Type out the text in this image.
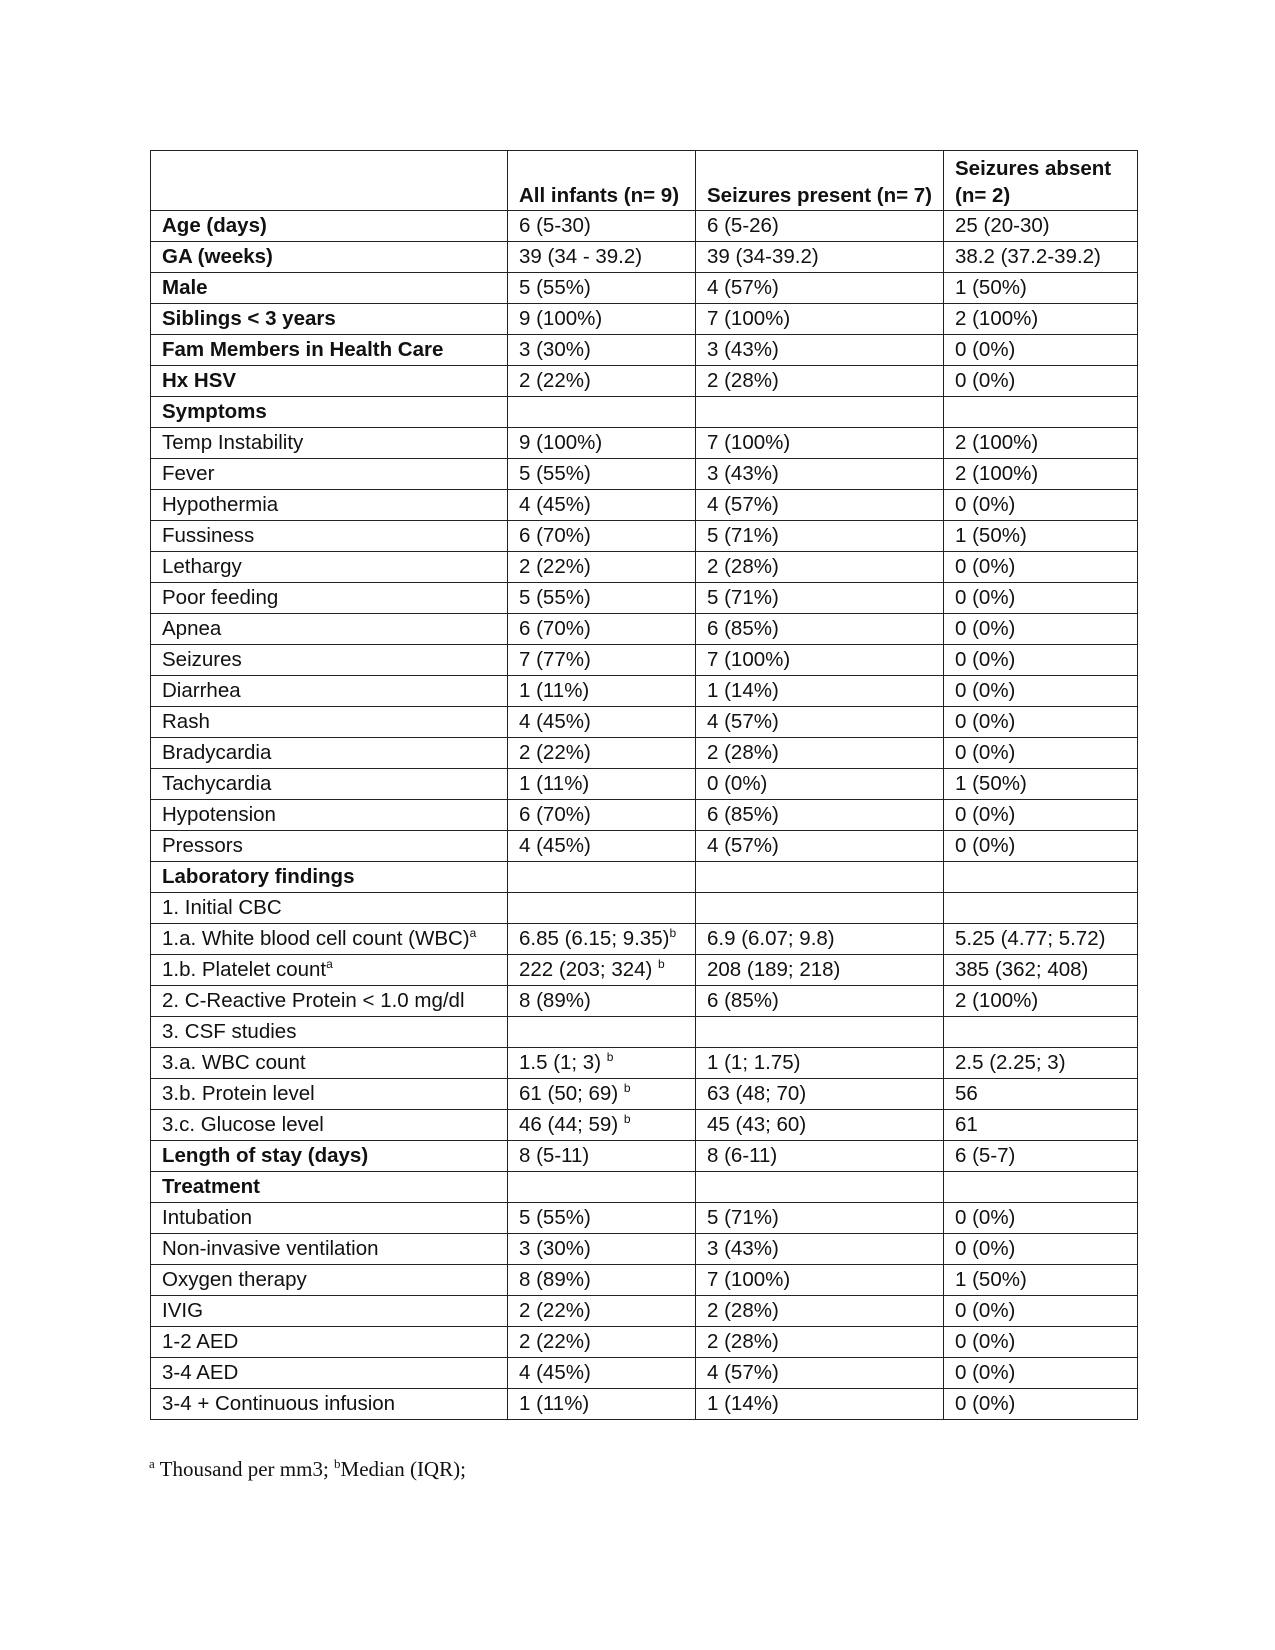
	All infants (n= 9)	Seizures present (n= 7)	Seizures absent (n= 2)
Age (days)	6 (5-30)	6 (5-26)	25 (20-30)
GA (weeks)	39 (34 - 39.2)	39 (34-39.2)	38.2 (37.2-39.2)
Male	5 (55%)	4 (57%)	1 (50%)
Siblings < 3 years	9 (100%)	7 (100%)	2 (100%)
Fam Members in Health Care	3 (30%)	3 (43%)	0 (0%)
Hx HSV	2 (22%)	2 (28%)	0 (0%)
Symptoms			
Temp Instability	9 (100%)	7 (100%)	2 (100%)
Fever	5 (55%)	3 (43%)	2 (100%)
Hypothermia	4 (45%)	4 (57%)	0 (0%)
Fussiness	6 (70%)	5 (71%)	1 (50%)
Lethargy	2 (22%)	2 (28%)	0 (0%)
Poor feeding	5 (55%)	5 (71%)	0 (0%)
Apnea	6 (70%)	6 (85%)	0 (0%)
Seizures	7 (77%)	7 (100%)	0 (0%)
Diarrhea	1 (11%)	1 (14%)	0 (0%)
Rash	4 (45%)	4 (57%)	0 (0%)
Bradycardia	2 (22%)	2 (28%)	0 (0%)
Tachycardia	1 (11%)	0 (0%)	1 (50%)
Hypotension	6 (70%)	6 (85%)	0 (0%)
Pressors	4 (45%)	4 (57%)	0 (0%)
Laboratory findings			
1. Initial CBC			
1.a. White blood cell count (WBC)$^a$	6.85 (6.15; 9.35)$^b$	6.9 (6.07; 9.8)	5.25 (4.77; 5.72)
1.b. Platelet count$^a$	222 (203; 324) $^b$	208 (189; 218)	385 (362; 408)
2. C-Reactive Protein < 1.0 mg/dl	8 (89%)	6 (85%)	2 (100%)
3. CSF studies			
3.a. WBC count	1.5 (1; 3) $^b$	1 (1; 1.75)	2.5 (2.25; 3)
3.b. Protein level	61 (50; 69) $^b$	63 (48; 70)	56
3.c. Glucose level	46 (44; 59) $^b$	45 (43; 60)	61
Length of stay (days)	8 (5-11)	8 (6-11)	6 (5-7)
Treatment			
Intubation	5 (55%)	5 (71%)	0 (0%)
Non-invasive ventilation	3 (30%)	3 (43%)	0 (0%)
Oxygen therapy	8 (89%)	7 (100%)	1 (50%)
IVIG	2 (22%)	2 (28%)	0 (0%)
1-2 AED	2 (22%)	2 (28%)	0 (0%)
3-4 AED	4 (45%)	4 (57%)	0 (0%)
3-4 + Continuous infusion	1 (11%)	1 (14%)	0 (0%)
$^a$ Thousand per mm3; $^b$Median (IQR);
